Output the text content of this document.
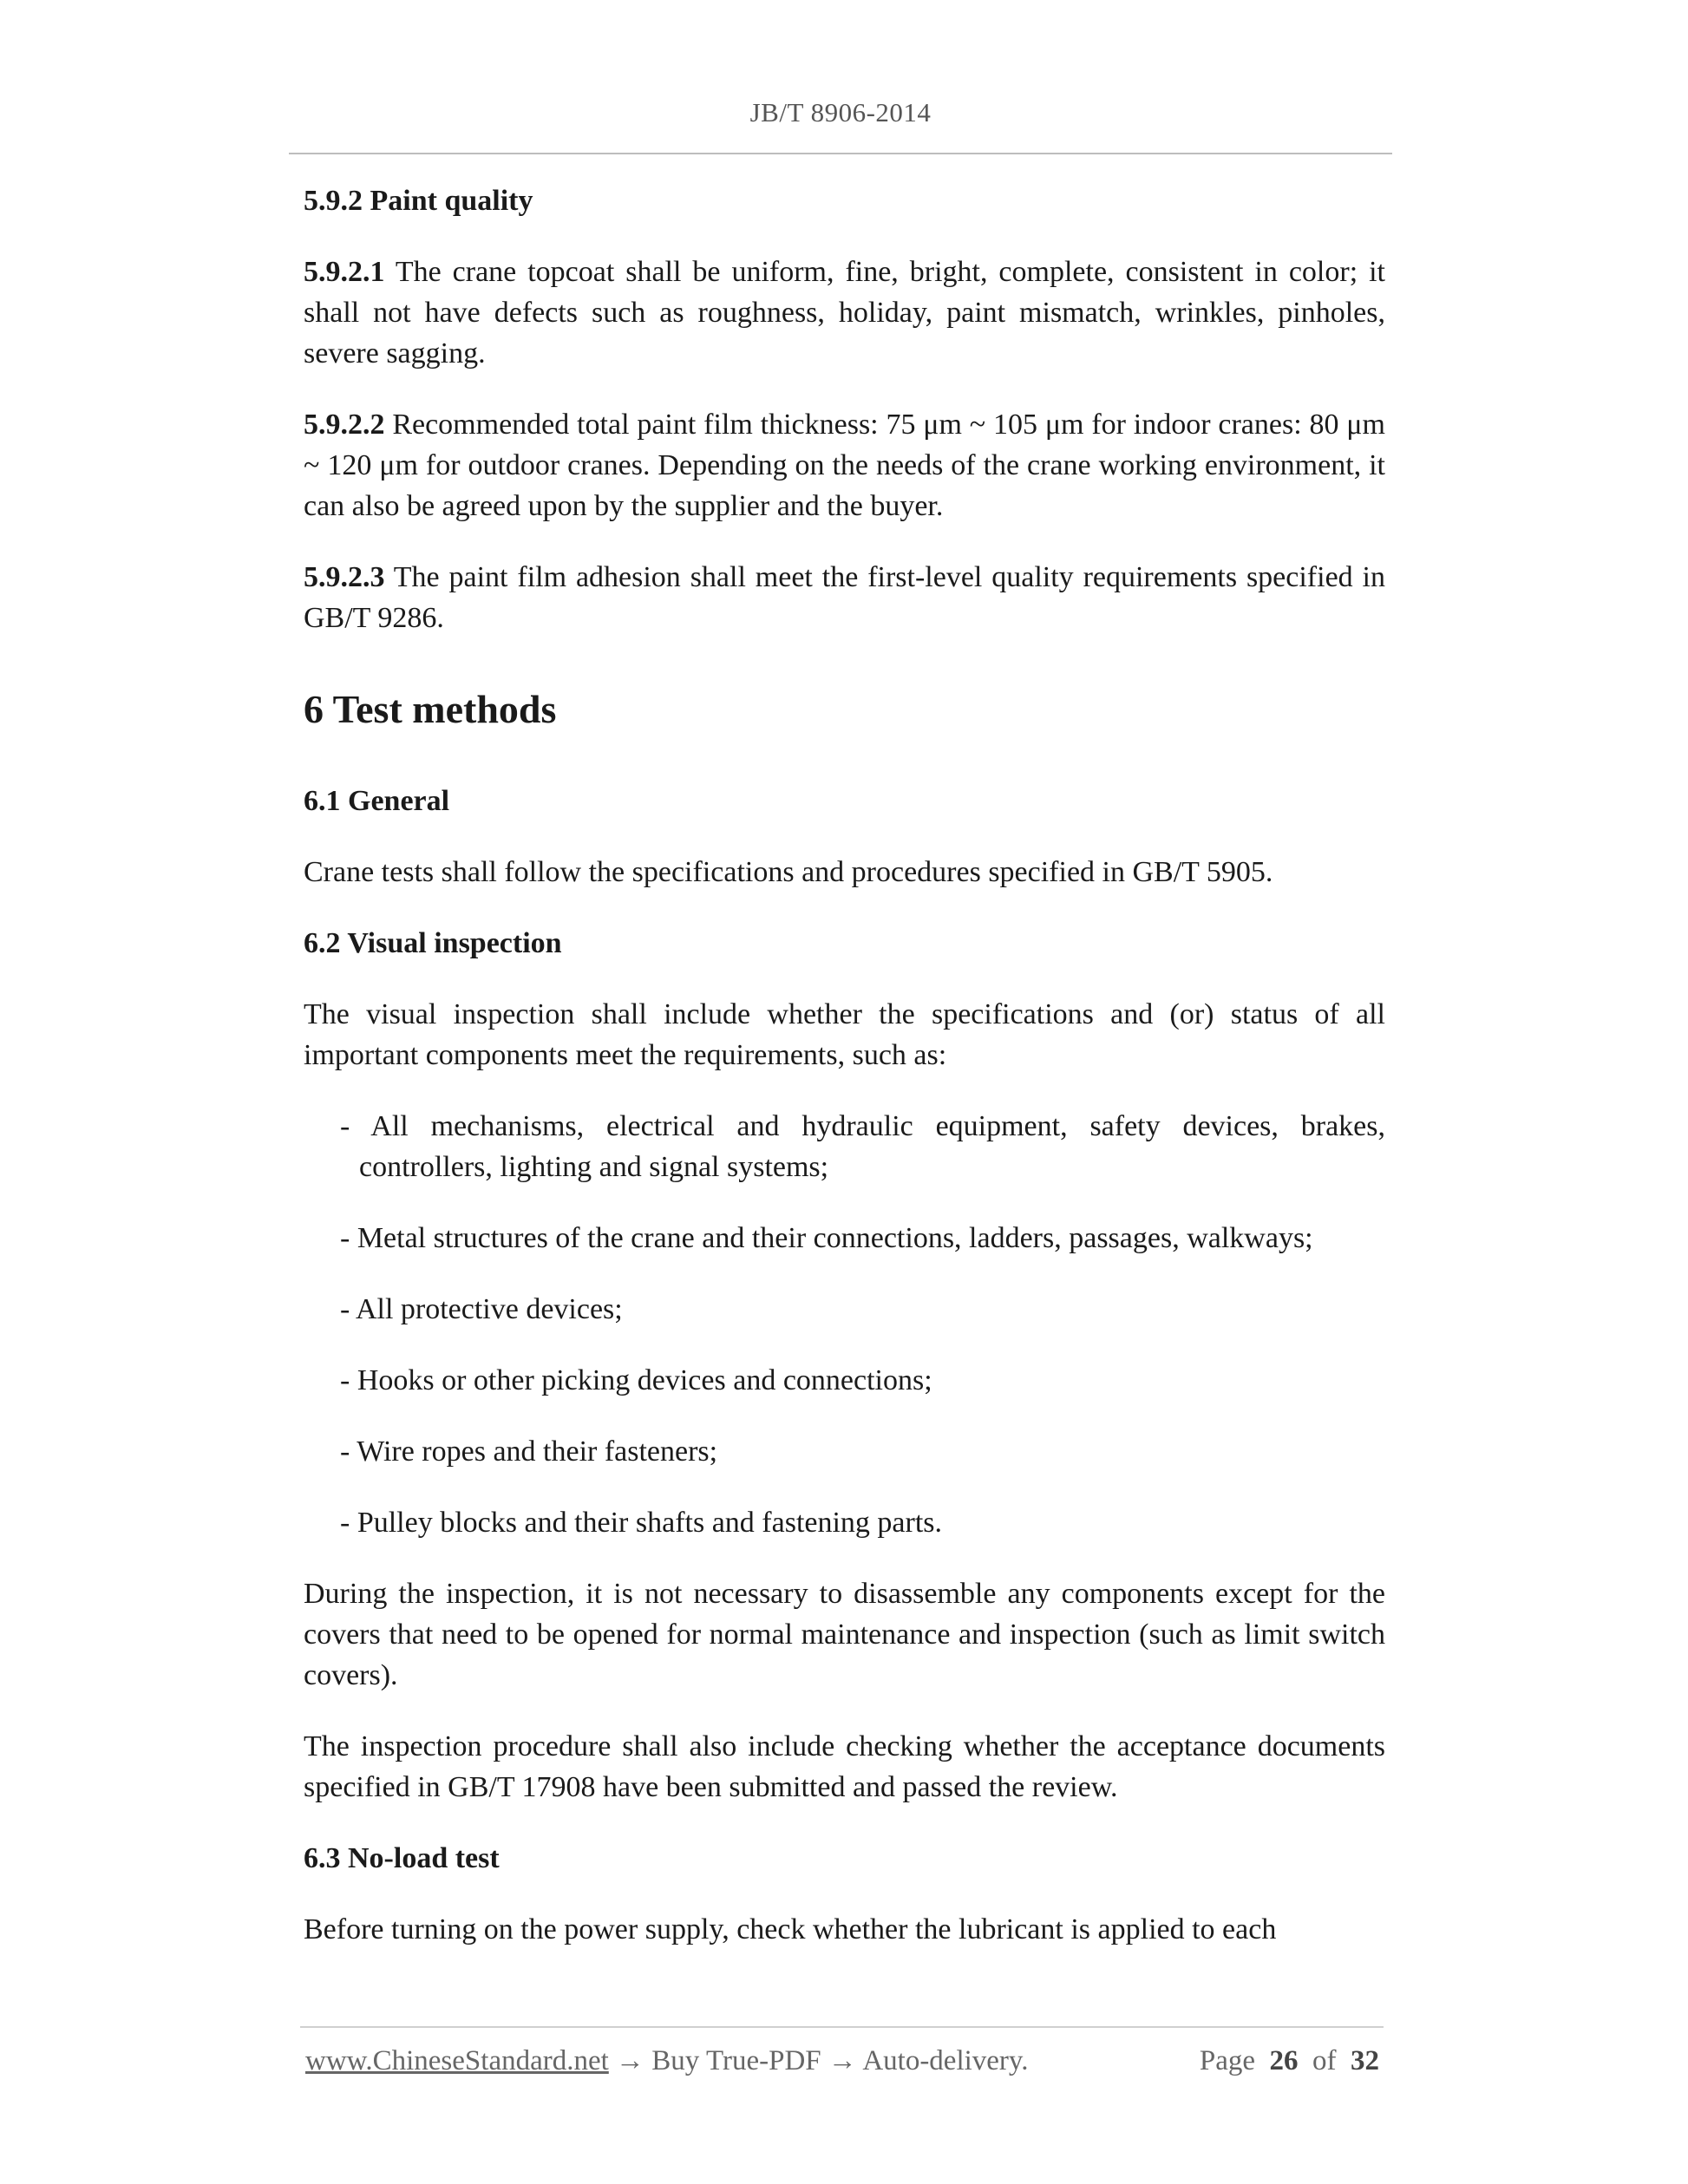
JB/T 8906-2014

5.9.2 Paint quality

5.9.2.1 The crane topcoat shall be uniform, fine, bright, complete, consistent in color; it shall not have defects such as roughness, holiday, paint mismatch, wrinkles, pinholes, severe sagging.

5.9.2.2 Recommended total paint film thickness: 75 μm ~ 105 μm for indoor cranes: 80 μm ~ 120 μm for outdoor cranes. Depending on the needs of the crane working environment, it can also be agreed upon by the supplier and the buyer.

5.9.2.3 The paint film adhesion shall meet the first-level quality requirements specified in GB/T 9286.

6 Test methods

6.1 General

Crane tests shall follow the specifications and procedures specified in GB/T 5905.

6.2 Visual inspection

The visual inspection shall include whether the specifications and (or) status of all important components meet the requirements, such as:

- All mechanisms, electrical and hydraulic equipment, safety devices, brakes, controllers, lighting and signal systems;

- Metal structures of the crane and their connections, ladders, passages, walkways;

- All protective devices;

- Hooks or other picking devices and connections;

- Wire ropes and their fasteners;

- Pulley blocks and their shafts and fastening parts.

During the inspection, it is not necessary to disassemble any components except for the covers that need to be opened for normal maintenance and inspection (such as limit switch covers).

The inspection procedure shall also include checking whether the acceptance documents specified in GB/T 17908 have been submitted and passed the review.

6.3 No-load test

Before turning on the power supply, check whether the lubricant is applied to each

www.ChineseStandard.net → Buy True-PDF → Auto-delivery.	Page 26 of 32
